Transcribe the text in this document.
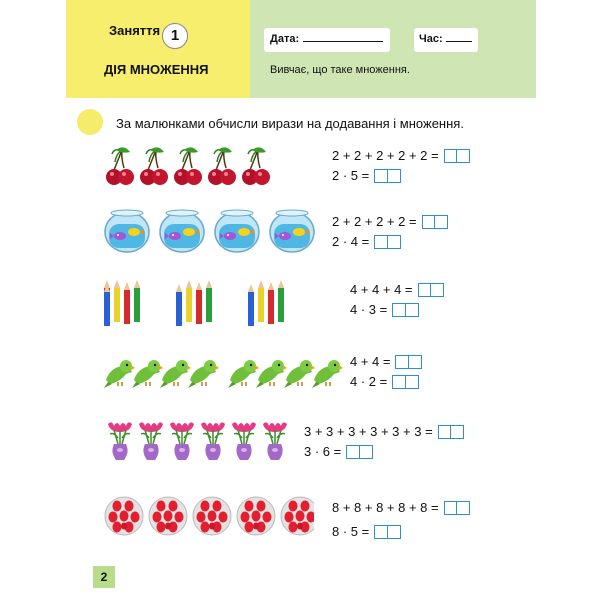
Заняття 1
ДІЯ МНОЖЕННЯ
Дата:	Час:
Вивчає, що таке множення.
За малюнками обчисли вирази на додавання і множення.
2 + 2 + 2 + 2 + 2 =
2 · 5 =
2 + 2 + 2 + 2 =
2 · 4 =
4 + 4 + 4 =
4 · 3 =
4 + 4 =
4 · 2 =
3 + 3 + 3 + 3 + 3 + 3 =
3 · 6 =
8 + 8 + 8 + 8 + 8 =
8 · 5 =
2
